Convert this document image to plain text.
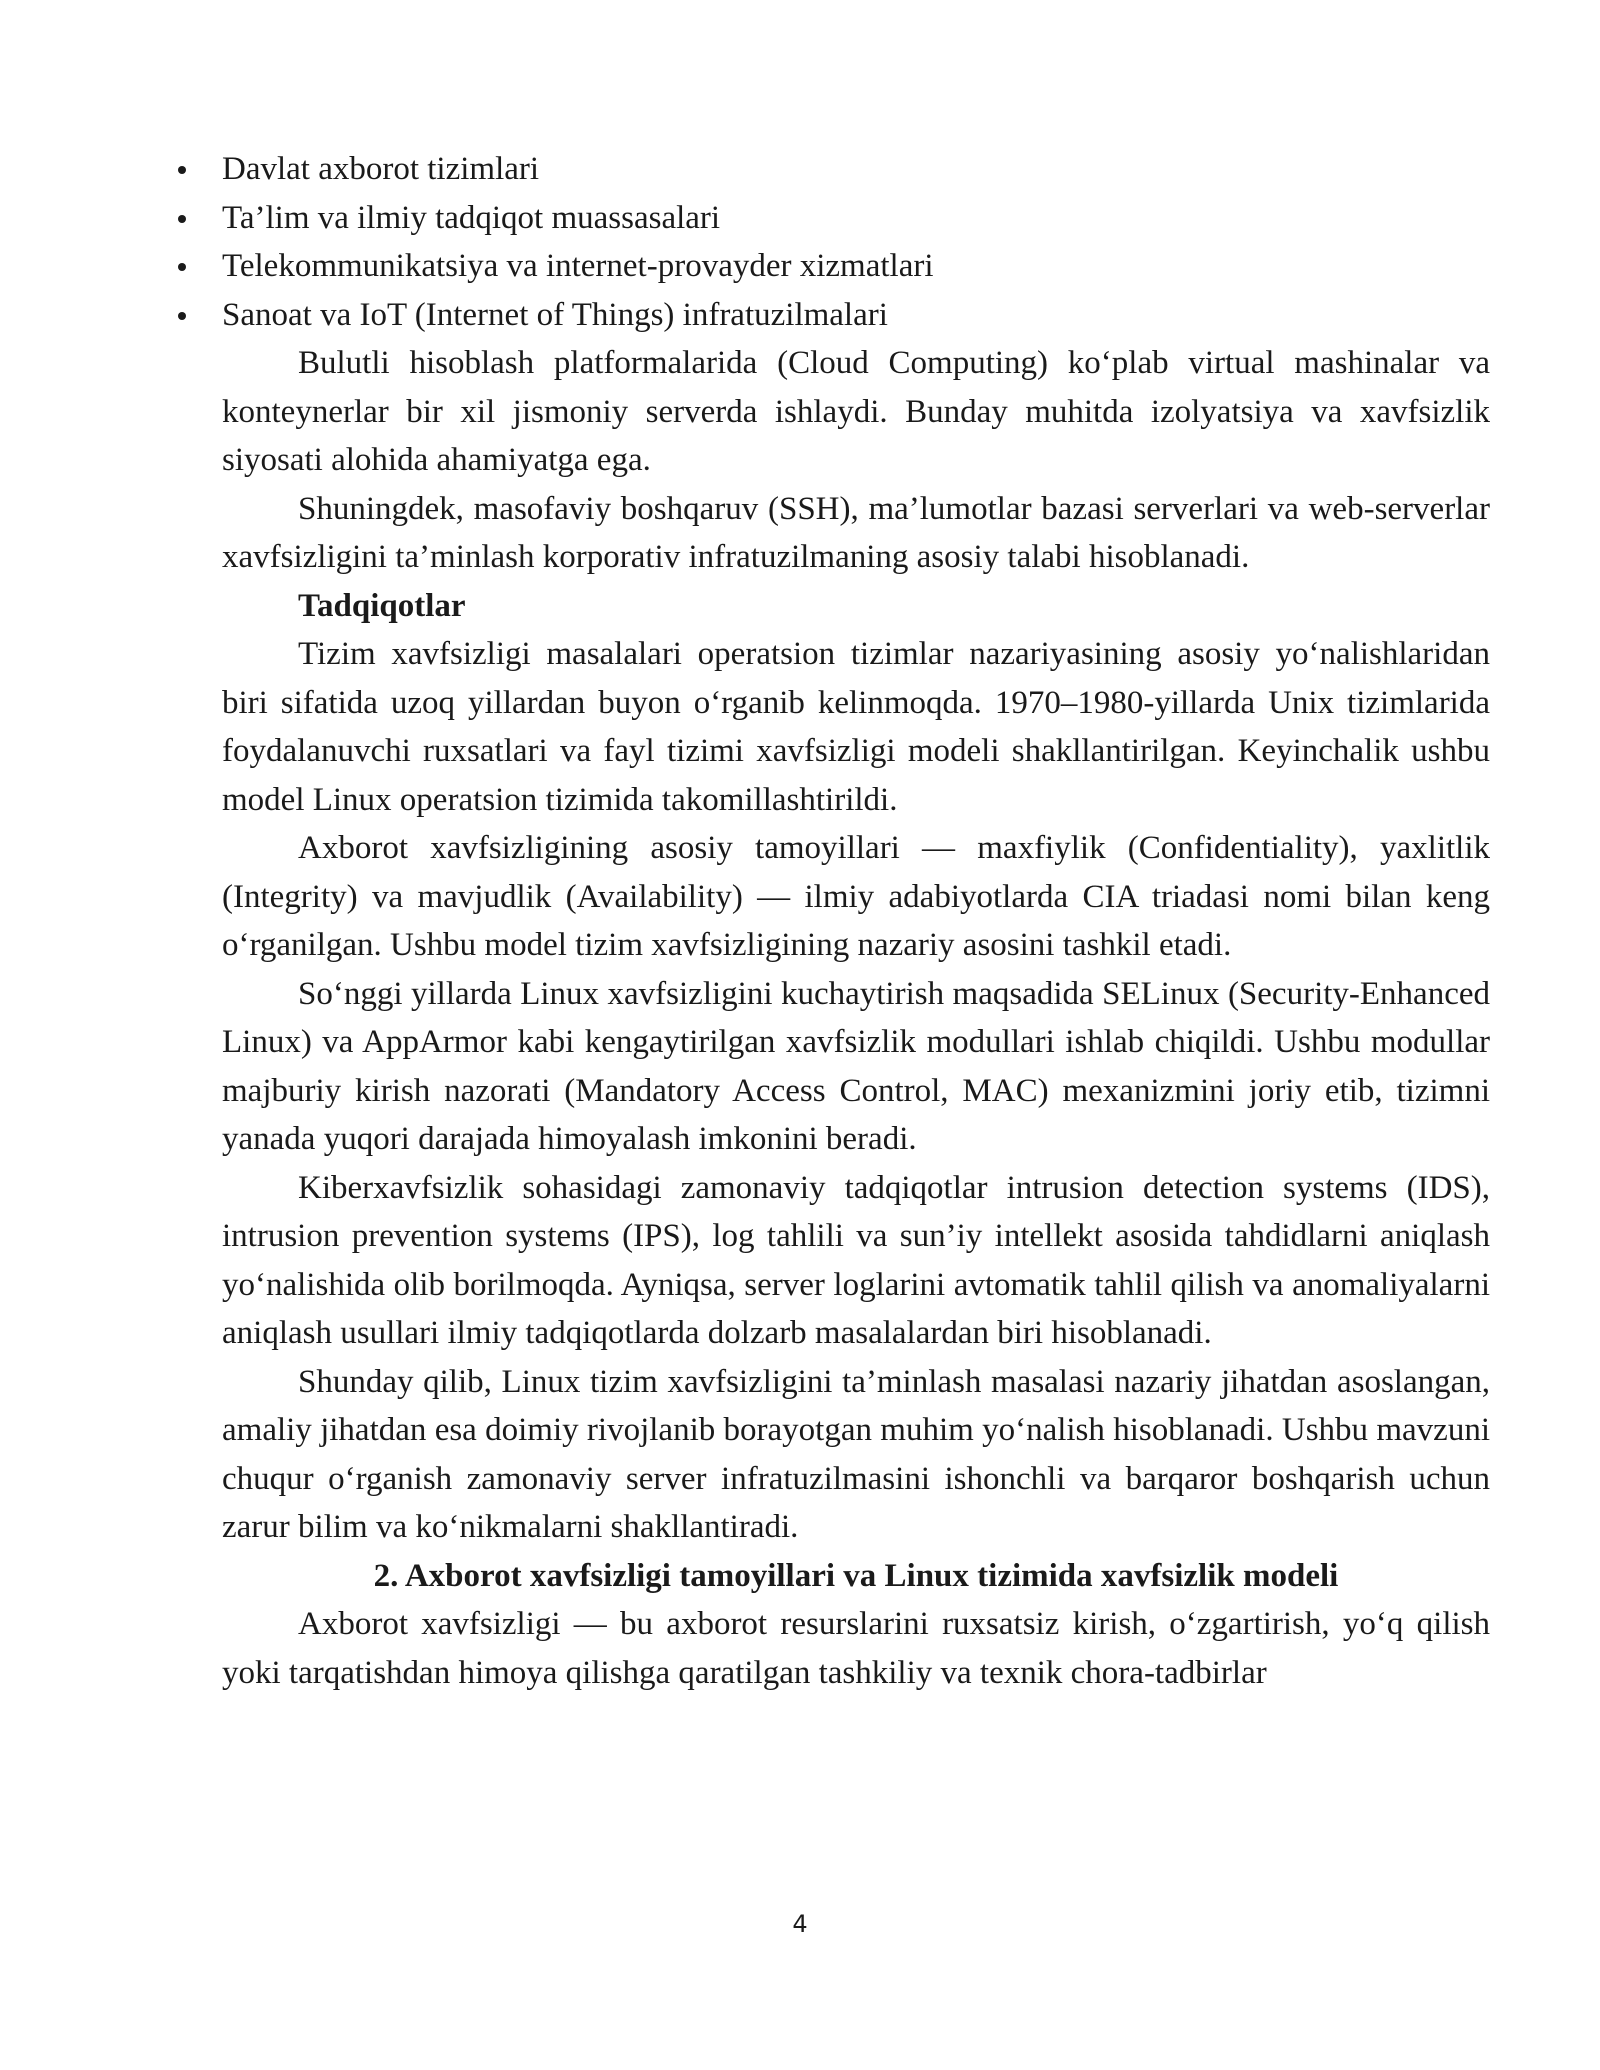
Davlat axborot tizimlari
Ta’lim va ilmiy tadqiqot muassasalari
Telekommunikatsiya va internet-provayder xizmatlari
Sanoat va IoT (Internet of Things) infratuzilmalari

Bulutli hisoblash platformalarida (Cloud Computing) ko‘plab virtual mashinalar va konteynerlar bir xil jismoniy serverda ishlaydi. Bunday muhitda izolyatsiya va xavfsizlik siyosati alohida ahamiyatga ega.

Shuningdek, masofaviy boshqaruv (SSH), ma’lumotlar bazasi serverlari va web-serverlar xavfsizligini ta’minlash korporativ infratuzilmaning asosiy talabi hisoblanadi.

Tadqiqotlar

Tizim xavfsizligi masalalari operatsion tizimlar nazariyasining asosiy yo‘nalishlaridan biri sifatida uzoq yillardan buyon o‘rganib kelinmoqda. 1970–1980-yillarda Unix tizimlarida foydalanuvchi ruxsatlari va fayl tizimi xavfsizligi modeli shakllantirilgan. Keyinchalik ushbu model Linux operatsion tizimida takomillashtirildi.

Axborot xavfsizligining asosiy tamoyillari — maxfiylik (Confidentiality), yaxlitlik (Integrity) va mavjudlik (Availability) — ilmiy adabiyotlarda CIA triadasi nomi bilan keng o‘rganilgan. Ushbu model tizim xavfsizligining nazariy asosini tashkil etadi.

So‘nggi yillarda Linux xavfsizligini kuchaytirish maqsadida SELinux (Security-Enhanced Linux) va AppArmor kabi kengaytirilgan xavfsizlik modullari ishlab chiqildi. Ushbu modullar majburiy kirish nazorati (Mandatory Access Control, MAC) mexanizmini joriy etib, tizimni yanada yuqori darajada himoyalash imkonini beradi.

Kiberxavfsizlik sohasidagi zamonaviy tadqiqotlar intrusion detection systems (IDS), intrusion prevention systems (IPS), log tahlili va sun’iy intellekt asosida tahdidlarni aniqlash yo‘nalishida olib borilmoqda. Ayniqsa, server loglarini avtomatik tahlil qilish va anomaliyalarni aniqlash usullari ilmiy tadqiqotlarda dolzarb masalalardan biri hisoblanadi.

Shunday qilib, Linux tizim xavfsizligini ta’minlash masalasi nazariy jihatdan asoslangan, amaliy jihatdan esa doimiy rivojlanib borayotgan muhim yo‘nalish hisoblanadi. Ushbu mavzuni chuqur o‘rganish zamonaviy server infratuzilmasini ishonchli va barqaror boshqarish uchun zarur bilim va ko‘nikmalarni shakllantiradi.

2. Axborot xavfsizligi tamoyillari va Linux tizimida xavfsizlik modeli

Axborot xavfsizligi — bu axborot resurslarini ruxsatsiz kirish, o‘zgartirish, yo‘q qilish yoki tarqatishdan himoya qilishga qaratilgan tashkiliy va texnik chora-tadbirlar

4
